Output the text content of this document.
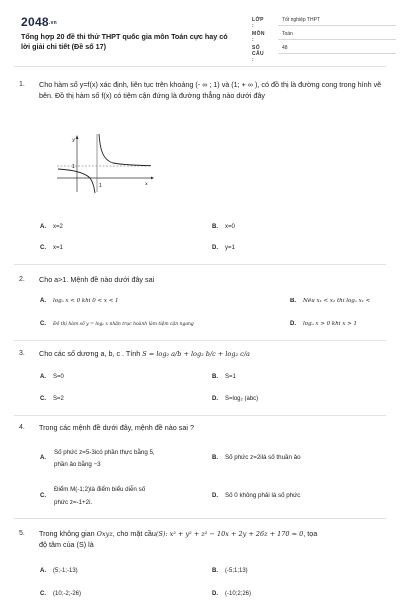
2048.vn
Tổng hợp 20 đề thi thử THPT quốc gia môn Toán cực hay có lời giải chi tiết (Đề số 17)
LỚP :
Tốt nghiệp THPT
MÔN :
Toán
SỐ CÂU :
48
1. Cho hàm số y=f(x) xác định, liên tục trên khoảng (- ∞ ; 1) và (1; + ∞ ), có đồ thị là đường cong trong hình vẽ bên. Đồ thị hàm số f(x) có tiệm cận đứng là đường thẳng nào dưới đây
y
x
1
1
A. x=2	B. x=0
C. x=1	D. y=1
2. Cho a>1. Mệnh đề nào dưới đây sai
A. logₐ x < 0 khi 0 < x < 1	B. Nếu x₁ < x₂ thì logₐ x₁ <
C. Đồ thị hàm số y = logₐ x nhận trục hoành làm tiệm cận ngang	D. logₐ x > 0 khi x > 1
3. Cho các số dương a, b, c . Tính S = log₂ a/b + log₂ b/c + log₂ c/a
A. S=0	B. S=1
C. S=2	D. S=log₂ (abc)
4. Trong các mệnh đề dưới đây, mệnh đề nào sai ?
A.
Số phức z=5-3icó phần thực bằng 5,
phần ảo bằng −3
B. Số phức z=2ilà số thuần ảo
C.
Điểm M(-1;2)là điểm biểu diễn số
phức z=-1+2i.
D. Số 0 không phải là số phức
5. Trong không gian Oxyz, cho mặt cầu(S): x² + y² + z² − 10x + 2y + 26z + 170 = 0, tọa
độ tâm của (S) là
A. (5;-1;-13)	B. (-5;1;13)
C. (10;-2;-26)	D. (-10;2;26)
